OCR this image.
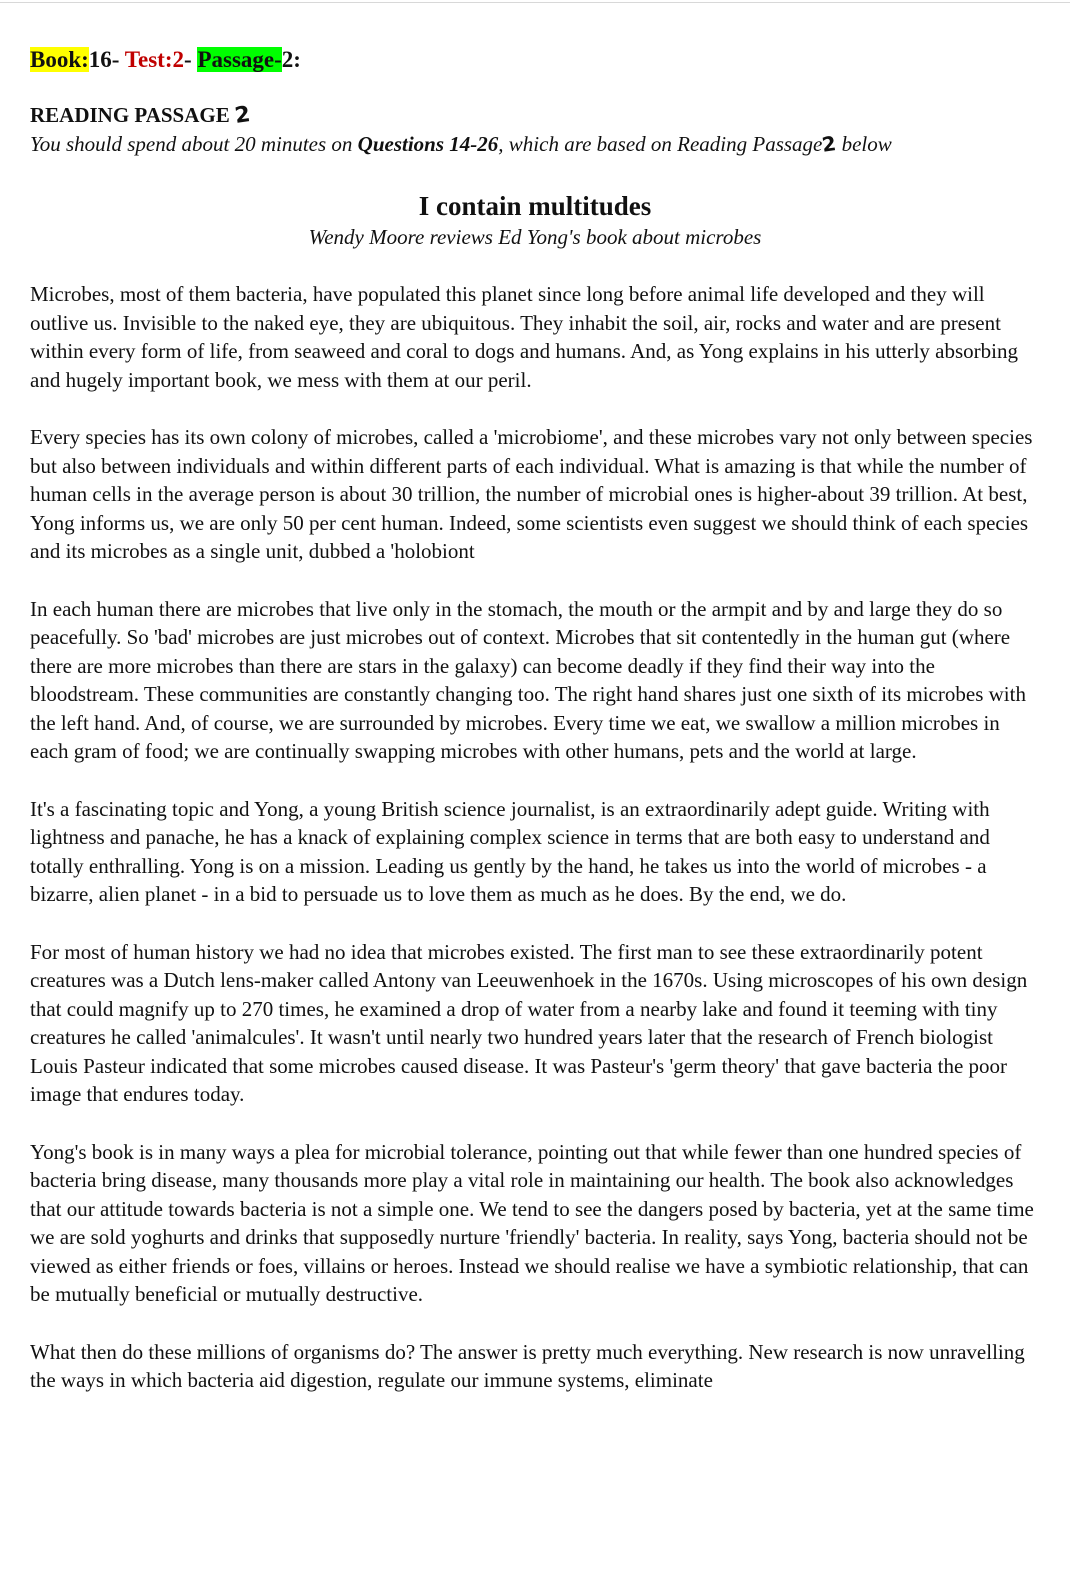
Book:16- Test:2- Passage-2:
READING PASSAGE 2
You should spend about 20 minutes on Questions 14-26, which are based on Reading Passage2 below
I contain multitudes
Wendy Moore reviews Ed Yong's book about microbes

Microbes, most of them bacteria, have populated this planet since long before animal life developed and they will outlive us. Invisible to the naked eye, they are ubiquitous. They inhabit the soil, air, rocks and water and are present within every form of life, from seaweed and coral to dogs and humans. And, as Yong explains in his utterly absorbing and hugely important book, we mess with them at our peril.

Every species has its own colony of microbes, called a 'microbiome', and these microbes vary not only between species but also between individuals and within different parts of each individual. What is amazing is that while the number of human cells in the average person is about 30 trillion, the number of microbial ones is higher-about 39 trillion. At best, Yong informs us, we are only 50 per cent human. Indeed, some scientists even suggest we should think of each species and its microbes as a single unit, dubbed a 'holobiont

In each human there are microbes that live only in the stomach, the mouth or the armpit and by and large they do so peacefully. So 'bad' microbes are just microbes out of context. Microbes that sit contentedly in the human gut (where there are more microbes than there are stars in the galaxy) can become deadly if they find their way into the bloodstream. These communities are constantly changing too. The right hand shares just one sixth of its microbes with the left hand. And, of course, we are surrounded by microbes. Every time we eat, we swallow a million microbes in each gram of food; we are continually swapping microbes with other humans, pets and the world at large.

It's a fascinating topic and Yong, a young British science journalist, is an extraordinarily adept guide. Writing with lightness and panache, he has a knack of explaining complex science in terms that are both easy to understand and totally enthralling. Yong is on a mission. Leading us gently by the hand, he takes us into the world of microbes - a bizarre, alien planet - in a bid to persuade us to love them as much as he does. By the end, we do.

For most of human history we had no idea that microbes existed. The first man to see these extraordinarily potent creatures was a Dutch lens-maker called Antony van Leeuwenhoek in the 1670s. Using microscopes of his own design that could magnify up to 270 times, he examined a drop of water from a nearby lake and found it teeming with tiny creatures he called 'animalcules'. It wasn't until nearly two hundred years later that the research of French biologist Louis Pasteur indicated that some microbes caused disease. It was Pasteur's 'germ theory' that gave bacteria the poor image that endures today.

Yong's book is in many ways a plea for microbial tolerance, pointing out that while fewer than one hundred species of bacteria bring disease, many thousands more play a vital role in maintaining our health. The book also acknowledges that our attitude towards bacteria is not a simple one. We tend to see the dangers posed by bacteria, yet at the same time we are sold yoghurts and drinks that supposedly nurture 'friendly' bacteria. In reality, says Yong, bacteria should not be viewed as either friends or foes, villains or heroes. Instead we should realise we have a symbiotic relationship, that can be mutually beneficial or mutually destructive.

What then do these millions of organisms do? The answer is pretty much everything. New research is now unravelling the ways in which bacteria aid digestion, regulate our immune systems, eliminate
